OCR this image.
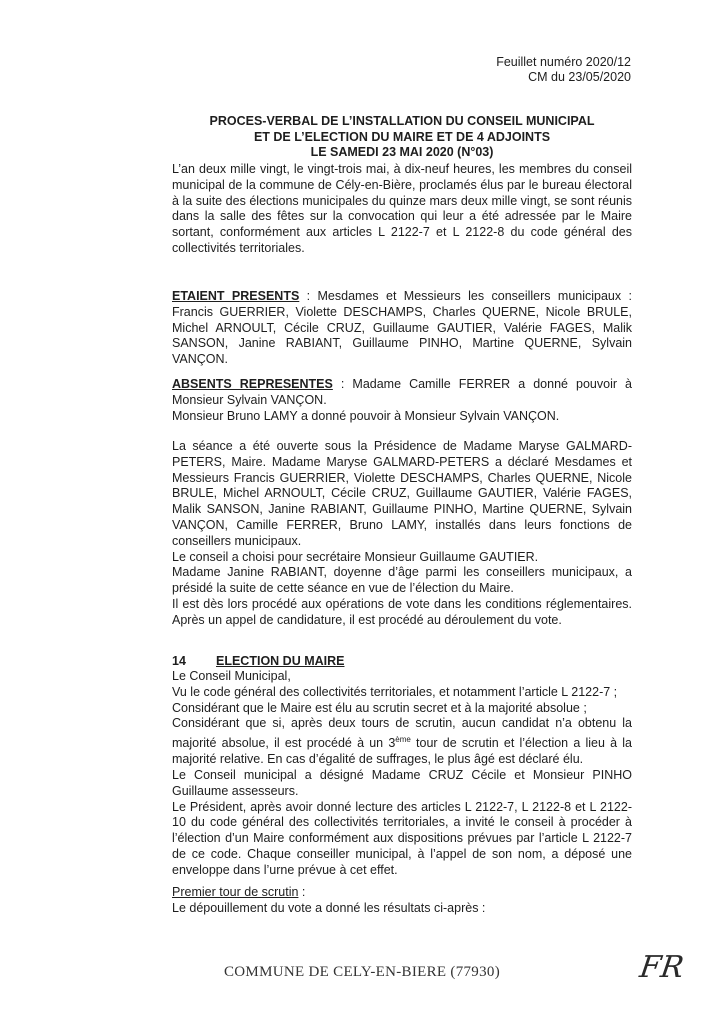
Feuillet numéro 2020/12
CM du 23/05/2020
PROCES-VERBAL DE L’INSTALLATION DU CONSEIL MUNICIPAL
ET DE L’ELECTION DU MAIRE ET DE 4 ADJOINTS
LE SAMEDI 23 MAI 2020 (N°03)

L’an deux mille vingt, le vingt-trois mai, à dix-neuf heures, les membres du conseil municipal de la commune de Cély-en-Bière, proclamés élus par le bureau électoral à la suite des élections municipales du quinze mars deux mille vingt, se sont réunis dans la salle des fêtes sur la convocation qui leur a été adressée par le Maire sortant, conformément aux articles L 2122-7 et L 2122-8 du code général des collectivités territoriales.

ETAIENT PRESENTS : Mesdames et Messieurs les conseillers municipaux : Francis GUERRIER, Violette DESCHAMPS, Charles QUERNE, Nicole BRULE, Michel ARNOULT, Cécile CRUZ, Guillaume GAUTIER, Valérie FAGES, Malik SANSON, Janine RABIANT, Guillaume PINHO, Martine QUERNE, Sylvain VANÇON.

ABSENTS REPRESENTES : Madame Camille FERRER a donné pouvoir à Monsieur Sylvain VANÇON.

Monsieur Bruno LAMY a donné pouvoir à Monsieur Sylvain VANÇON.

La séance a été ouverte sous la Présidence de Madame Maryse GALMARD-PETERS, Maire. Madame Maryse GALMARD-PETERS a déclaré Mesdames et Messieurs Francis GUERRIER, Violette DESCHAMPS, Charles QUERNE, Nicole BRULE, Michel ARNOULT, Cécile CRUZ, Guillaume GAUTIER, Valérie FAGES, Malik SANSON, Janine RABIANT, Guillaume PINHO, Martine QUERNE, Sylvain VANÇON, Camille FERRER, Bruno LAMY, installés dans leurs fonctions de conseillers municipaux.

Le conseil a choisi pour secrétaire Monsieur Guillaume GAUTIER.

Madame Janine RABIANT, doyenne d’âge parmi les conseillers municipaux, a présidé la suite de cette séance en vue de l’élection du Maire.

Il est dès lors procédé aux opérations de vote dans les conditions réglementaires. Après un appel de candidature, il est procédé au déroulement du vote.

14 ELECTION DU MAIRE

Le Conseil Municipal,

Vu le code général des collectivités territoriales, et notamment l’article L 2122-7 ;

Considérant que le Maire est élu au scrutin secret et à la majorité absolue ;

Considérant que si, après deux tours de scrutin, aucun candidat n’a obtenu la majorité absolue, il est procédé à un 3ème tour de scrutin et l’élection a lieu à la majorité relative. En cas d’égalité de suffrages, le plus âgé est déclaré élu.

Le Conseil municipal a désigné Madame CRUZ Cécile et Monsieur PINHO Guillaume assesseurs.

Le Président, après avoir donné lecture des articles L 2122-7, L 2122-8 et L 2122-10 du code général des collectivités territoriales, a invité le conseil à procéder à l’élection d’un Maire conformément aux dispositions prévues par l’article L 2122-7 de ce code. Chaque conseiller municipal, à l’appel de son nom, a déposé une enveloppe dans l’urne prévue à cet effet.

Premier tour de scrutin :

Le dépouillement du vote a donné les résultats ci-après :

COMMUNE DE CELY-EN-BIERE (77930)	FR
